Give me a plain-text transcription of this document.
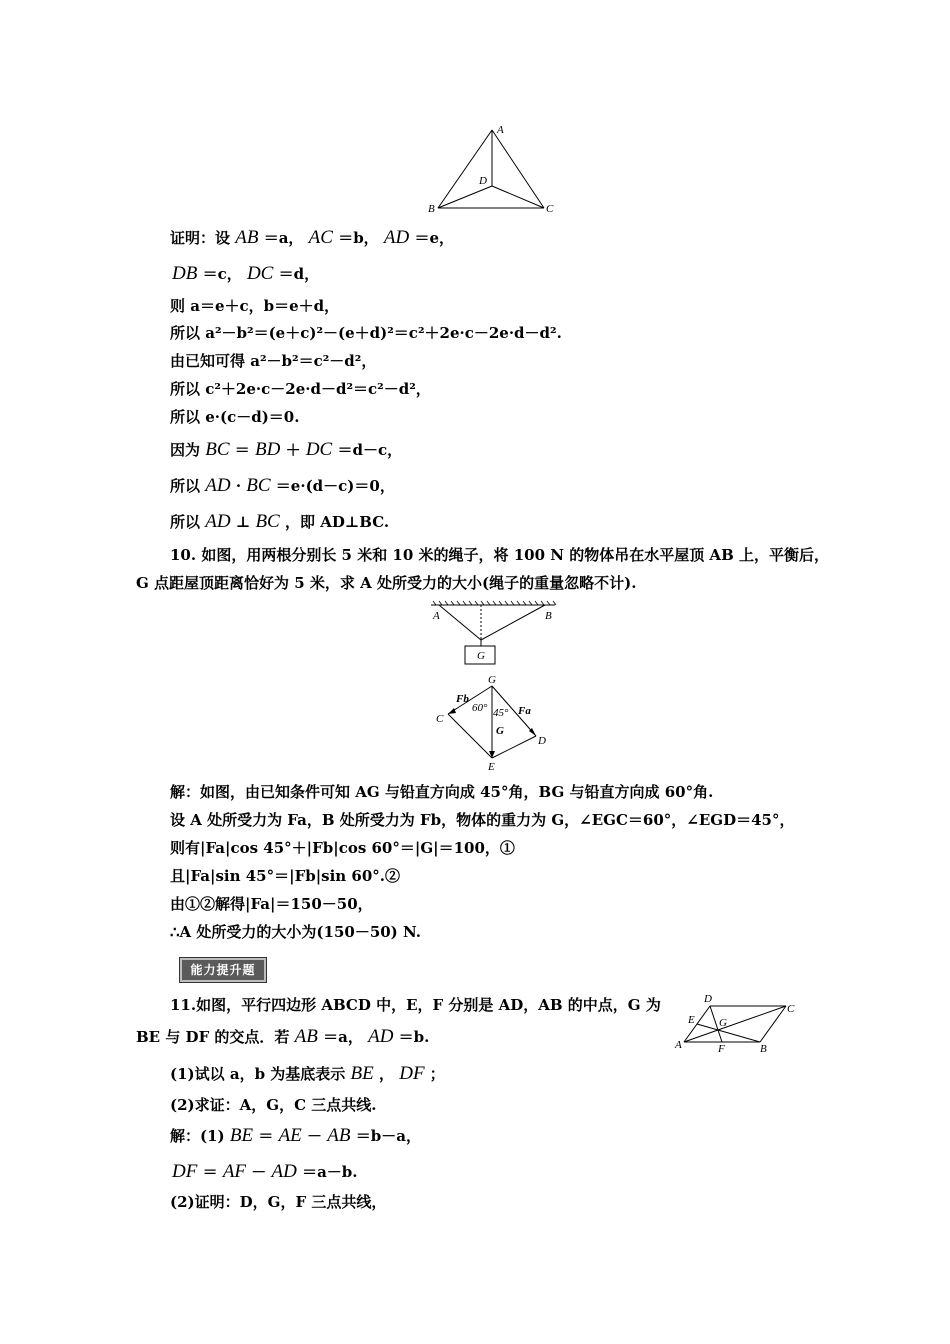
A
B	C
D
证明：设 AB ＝a， AC ＝b， AD ＝e，
DB ＝c， DC ＝d，
则 a＝e＋c，b＝e＋d，
所以 a²－b²＝(e＋c)²－(e＋d)²＝c²＋2e·c－2e·d－d².
由已知可得 a²－b²＝c²－d²，
所以 c²＋2e·c－2e·d－d²＝c²－d²，
所以 e·(c－d)＝0.
因为 BC ＝ BD ＋ DC ＝d－c，
所以 AD · BC ＝e·(d－c)＝0，
所以 AD ⊥ BC ，即 AD⊥BC.
10. 如图，用两根分别长 5 米和 10 米的绳子，将 100 N 的物体吊在水平屋顶 AB 上，平衡后，
G 点距屋顶距离恰好为 5 米，求 A 处所受力的大小(绳子的重量忽略不计).
A	B
G
G
Fb
Fa
60° 45°
G
C
D
E
解：如图，由已知条件可知 AG 与铅直方向成 45°角，BG 与铅直方向成 60°角.
设 A 处所受力为 Fa，B 处所受力为 Fb，物体的重力为 G，∠EGC＝60°，∠EGD＝45°，
则有|Fa|cos 45°＋|Fb|cos 60°＝|G|＝100，①
且|Fa|sin 45°＝|Fb|sin 60°.②
由①②解得|Fa|＝150－50，
∴A 处所受力的大小为(150－50) N.
能力提升题
11.如图，平行四边形 ABCD 中，E，F 分别是 AD，AB 的中点，G 为
BE 与 DF 的交点．若 AB ＝a， AD ＝b.
(1)试以 a，b 为基底表示 BE ， DF ；
(2)求证：A，G，C 三点共线.
D
C
E G
A	F	B
解：(1) BE ＝ AE － AB ＝b－a，
DF ＝ AF － AD ＝a－b.
(2)证明：D，G，F 三点共线，
